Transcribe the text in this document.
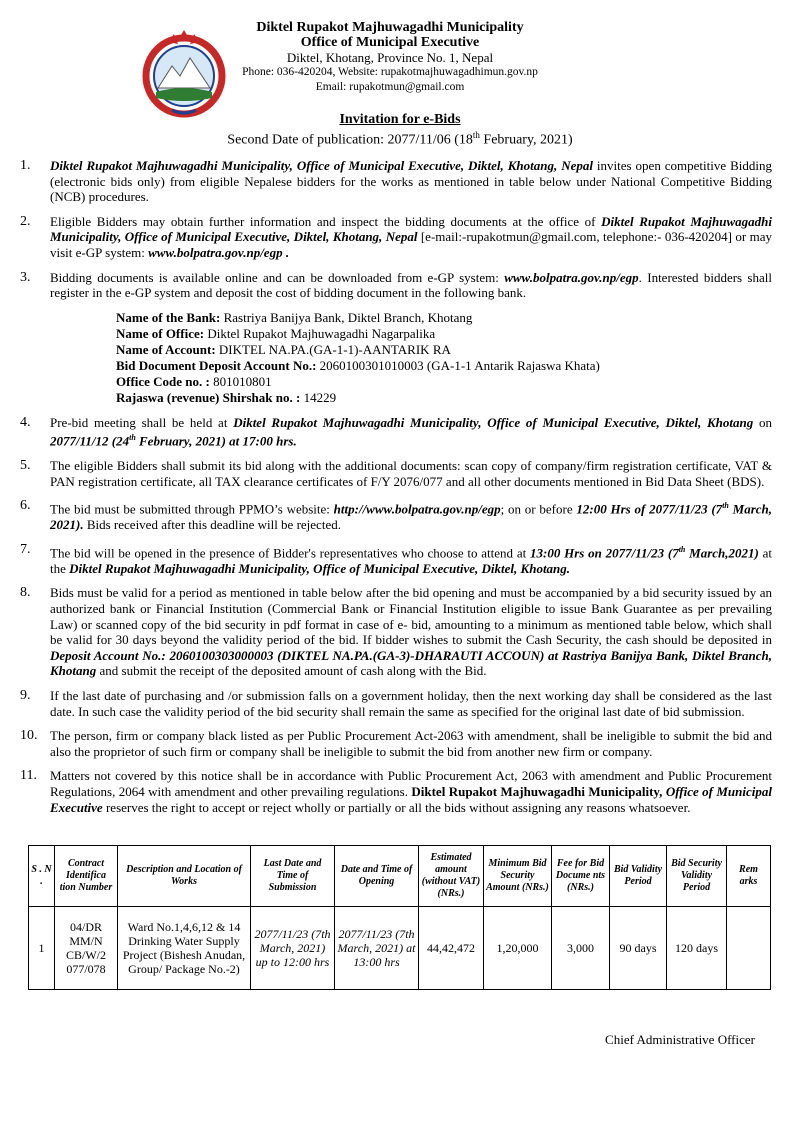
Diktel Rupakot Majhuwagadhi Municipality
Office of Municipal Executive
Diktel, Khotang, Province No. 1, Nepal
Phone: 036-420204, Website: rupakotmajhuwagadhimun.gov.np
Email: rupakotmun@gmail.com
Invitation for e-Bids
Second Date of publication: 2077/11/06 (18th February, 2021)
1.	Diktel Rupakot Majhuwagadhi Municipality, Office of Municipal Executive, Diktel, Khotang, Nepal invites open competitive Bidding (electronic bids only) from eligible Nepalese bidders for the works as mentioned in table below under National Competitive Bidding (NCB) procedures.
2.	Eligible Bidders may obtain further information and inspect the bidding documents at the office of Diktel Rupakot Majhuwagadhi Municipality, Office of Municipal Executive, Diktel, Khotang, Nepal [e-mail:-rupakotmun@gmail.com, telephone:- 036-420204] or may visit e-GP system: www.bolpatra.gov.np/egp .
3.	Bidding documents is available online and can be downloaded from e-GP system: www.bolpatra.gov.np/egp. Interested bidders shall register in the e-GP system and deposit the cost of bidding document in the following bank.
Name of the Bank: Rastriya Banijya Bank, Diktel Branch, Khotang
Name of Office: Diktel Rupakot Majhuwagadhi Nagarpalika
Name of Account: DIKTEL NA.PA.(GA-1-1)-AANTARIK RA
Bid Document Deposit Account No.: 2060100301010003 (GA-1-1 Antarik Rajaswa Khata)
Office Code no. : 801010801
Rajaswa (revenue) Shirshak no. : 14229
4.	Pre-bid meeting shall be held at Diktel Rupakot Majhuwagadhi Municipality, Office of Municipal Executive, Diktel, Khotang on 2077/11/12 (24th February, 2021) at 17:00 hrs.
5.	The eligible Bidders shall submit its bid along with the additional documents: scan copy of company/firm registration certificate, VAT & PAN registration certificate, all TAX clearance certificates of F/Y 2076/077 and all other documents mentioned in Bid Data Sheet (BDS).
6.	The bid must be submitted through PPMO’s website: http://www.bolpatra.gov.np/egp; on or before 12:00 Hrs of 2077/11/23 (7th March, 2021). Bids received after this deadline will be rejected.
7.	The bid will be opened in the presence of Bidder's representatives who choose to attend at 13:00 Hrs on 2077/11/23 (7th March,2021) at the Diktel Rupakot Majhuwagadhi Municipality, Office of Municipal Executive, Diktel, Khotang.
8.	Bids must be valid for a period as mentioned in table below after the bid opening and must be accompanied by a bid security issued by an authorized bank or Financial Institution (Commercial Bank or Financial Institution eligible to issue Bank Guarantee as per prevailing Law) or scanned copy of the bid security in pdf format in case of e- bid, amounting to a minimum as mentioned table below, which shall be valid for 30 days beyond the validity period of the bid. If bidder wishes to submit the Cash Security, the cash should be deposited in Deposit Account No.: 2060100303000003 (DIKTEL NA.PA.(GA-3)-DHARAUTI ACCOUN) at Rastriya Banijya Bank, Diktel Branch, Khotang and submit the receipt of the deposited amount of cash along with the Bid.
9.	If the last date of purchasing and /or submission falls on a government holiday, then the next working day shall be considered as the last date. In such case the validity period of the bid security shall remain the same as specified for the original last date of bid submission.
10. The person, firm or company black listed as per Public Procurement Act-2063 with amendment, shall be ineligible to submit the bid and also the proprietor of such firm or company shall be ineligible to submit the bid from another new firm or company.
11.	Matters not covered by this notice shall be in accordance with Public Procurement Act, 2063 with amendment and Public Procurement Regulations, 2064 with amendment and other prevailing regulations. Diktel Rupakot Majhuwagadhi Municipality, Office of Municipal Executive reserves the right to accept or reject wholly or partially or all the bids without assigning any reasons whatsoever.
S . N .	Contract Identifica tion Number	Description and Location of Works	Last Date and Time of Submission	Date and Time of Opening	Estimated amount (without VAT) (NRs.)	Minimum Bid Security Amount (NRs.)	Fee for Bid Docume nts (NRs.)	Bid Validity Period	Bid Security Validity Period	Rem arks
1	04/DR MM/N CB/W/2 077/078	Ward No.1,4,6,12 & 14 Drinking Water Supply Project (Bishesh Anudan, Group/ Package No.-2)	2077/11/23 (7th March, 2021) up to 12:00 hrs	2077/11/23 (7th March, 2021) at 13:00 hrs	44,42,472	1,20,000	3,000	90 days	120 days	
Chief Administrative Officer
